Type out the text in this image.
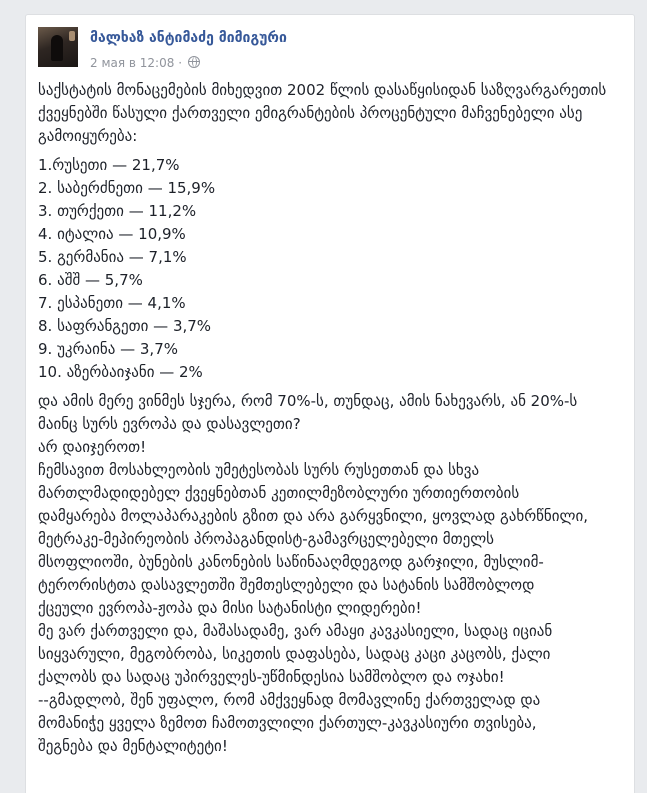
მალხაზ ანტიმაძე მიმიგური
2 мая в 12:08 ·

საქსტატის მონაცემების მიხედვით 2002 წლის დასაწყისიდან საზღვარგარეთის ქვეყნებში წასული ქართველი ემიგრანტების პროცენტული მაჩვენებელი ასე გამოიყურება:

1.რუსეთი — 21,7%
2. საბერძნეთი — 15,9%
3. თურქეთი — 11,2%
4. იტალია — 10,9%
5. გერმანია — 7,1%
6. აშშ — 5,7%
7. ესპანეთი — 4,1%
8. საფრანგეთი — 3,7%
9. უკრაინა — 3,7%
10. აზერბაიჯანი — 2%

და ამის მერე ვინმეს სჯერა, რომ 70%-ს, თუნდაც, ამის ნახევარს, ან 20%-ს

მაინც სურს ევროპა და დასავლეთი?

არ დაიჯეროთ!

ჩემსავით მოსახლეობის უმეტესობას სურს რუსეთთან და სხვა

მართლმადიდებელ ქვეყნებთან კეთილმეზობლური ურთიერთობის

დამყარება მოლაპარაკების გზით და არა გარყვნილი, ყოვლად გახრწნილი,

მეტრაკე-მეპირეობის პროპაგანდისტ-გამავრცელებელი მთელს

მსოფლიოში, ბუნების კანონების საწინააღმდეგოდ გარჯილი, მუსლიმ-

ტერორისტთა დასავლეთში შემთესლებელი და სატანის სამშობლოდ

ქცეული ევროპა-ჟოპა და მისი სატანისტი ლიდერები!

მე ვარ ქართველი და, მაშასადამე, ვარ ამაყი კავკასიელი, სადაც იციან

სიყვარული, მეგობრობა, სიკეთის დაფასება, სადაც კაცი კაცობს, ქალი

ქალობს და სადაც უპირველეს-უწმინდესია სამშობლო და ოჯახი!

--გმადლობ, შენ უფალო, რომ ამქვეყნად მომავლინე ქართველად და

მომანიჭე ყველა ზემოთ ჩამოთვლილი ქართულ-კავკასიური თვისება,

შეგნება და მენტალიტეტი!
